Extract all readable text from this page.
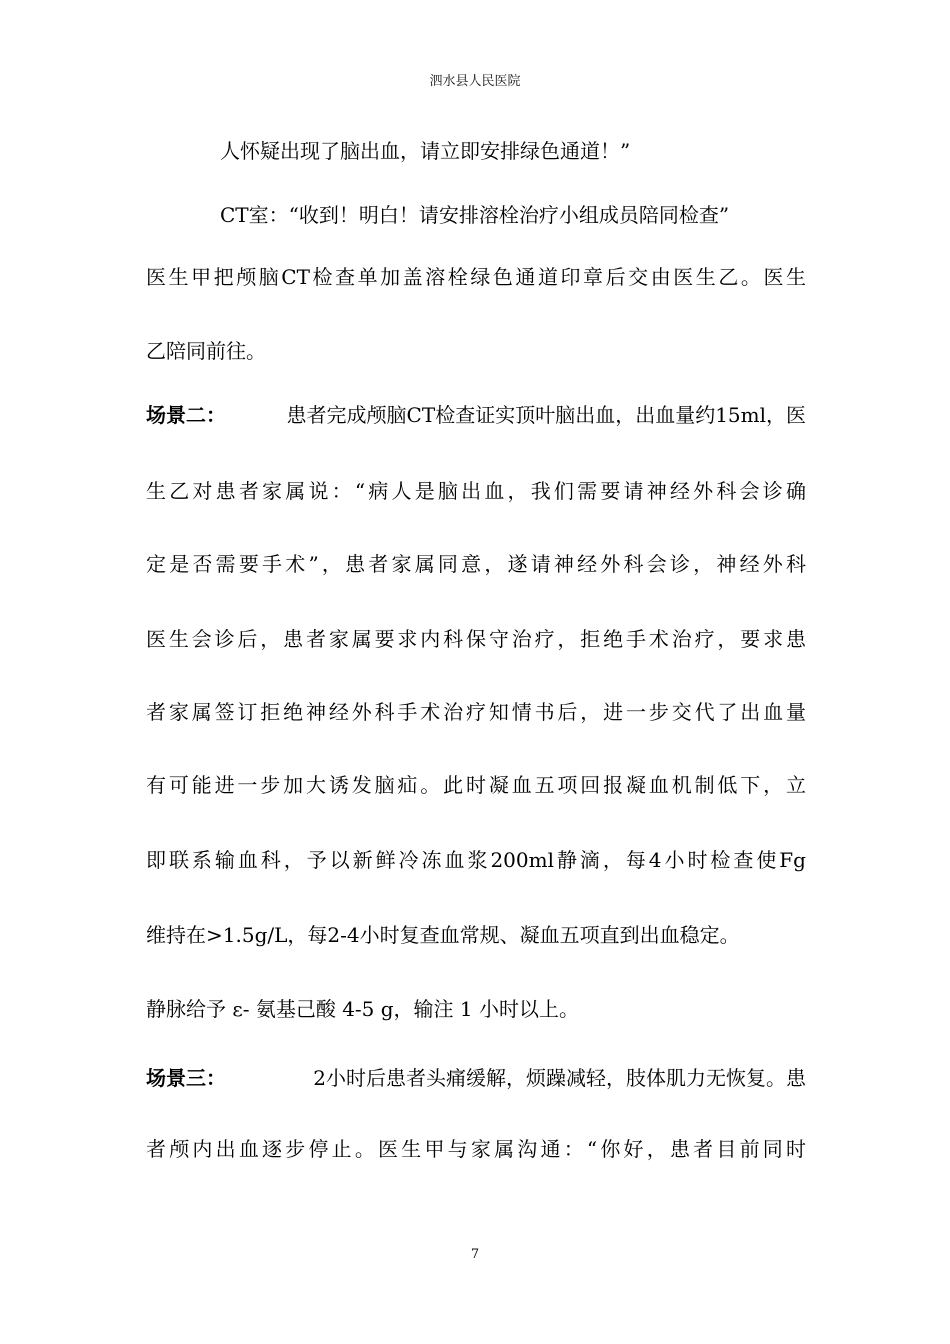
泗水县人民医院
人怀疑出现了脑出血，请立即安排绿色通道！”
CT室：“收到！明白！请安排溶栓治疗小组成员陪同检查”
医生甲把颅脑CT检查单加盖溶栓绿色通道印章后交由医生乙。医生
乙陪同前往。
场景二：	患者完成颅脑CT检查证实顶叶脑出血，出血量约15ml，医
生乙对患者家属说：“病人是脑出血，我们需要请神经外科会诊确
定是否需要手术”，患者家属同意，遂请神经外科会诊，神经外科
医生会诊后，患者家属要求内科保守治疗，拒绝手术治疗，要求患
者家属签订拒绝神经外科手术治疗知情书后，进一步交代了出血量
有可能进一步加大诱发脑疝。此时凝血五项回报凝血机制低下，立
即联系输血科，予以新鲜冷冻血浆200ml静滴，每4小时检查使Fg
维持在>1.5g/L，每2-4小时复查血常规、凝血五项直到出血稳定。
静脉给予 ε- 氨基己酸 4-5 g，输注 1 小时以上。
场景三：	2小时后患者头痛缓解，烦躁减轻，肢体肌力无恢复。患
者颅内出血逐步停止。医生甲与家属沟通：“你好，患者目前同时
7
